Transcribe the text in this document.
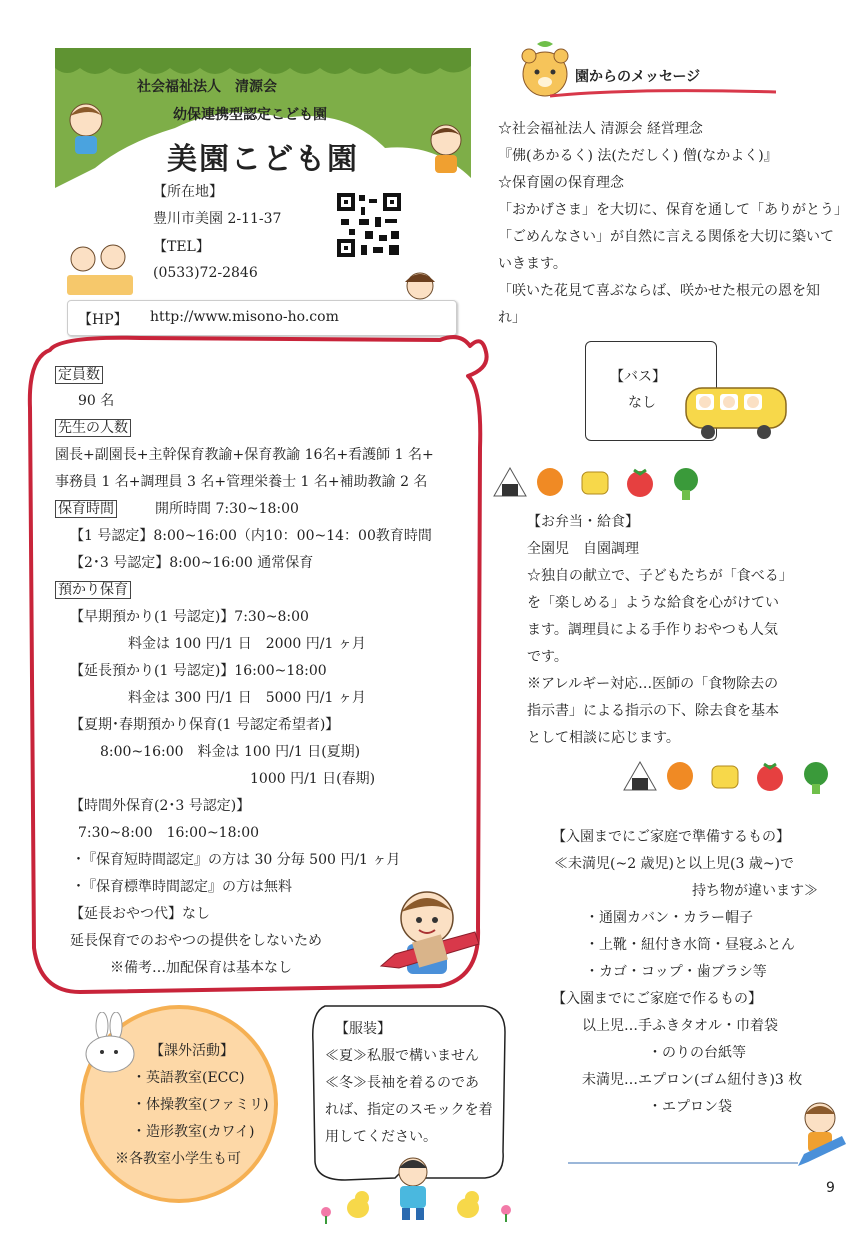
社会福祉法人　清源会
幼保連携型認定こども園
美園こども園
【所在地】
豊川市美園 2-11-37
【TEL】
(0533)72-2846
【HP】 http://www.misono-ho.com
定員数
90 名
先生の人数
園長+副園長+主幹保育教諭+保育教諭 16名+看護師 1 名+
事務員 1 名+調理員 3 名+管理栄養士 1 名+補助教諭 2 名
保育時間	開所時間 7:30~18:00
【1 号認定】8:00~16:00（内10：00~14：00教育時間
【2･3 号認定】8:00~16:00 通常保育
預かり保育
【早期預かり(1 号認定)】7:30~8:00
料金は 100 円/1 日　2000 円/1 ヶ月
【延長預かり(1 号認定)】16:00~18:00
料金は 300 円/1 日　5000 円/1 ヶ月
【夏期･春期預かり保育(1 号認定希望者)】
8:00~16:00　料金は 100 円/1 日(夏期)
1000 円/1 日(春期)
【時間外保育(2･3 号認定)】
7:30~8:00　16:00~18:00
･『保育短時間認定』の方は 30 分毎 500 円/1 ヶ月
･『保育標準時間認定』の方は無料
【延長おやつ代】なし
延長保育でのおやつの提供をしないため
※備考…加配保育は基本なし
園からのメッセージ
☆社会福祉法人 清源会 経営理念
『佛(あかるく) 法(ただしく) 僧(なかよく)』
☆保育園の保育理念
「おかげさま」を大切に、保育を通して「ありがとう」
「ごめんなさい」が自然に言える関係を大切に築いて
いきます。
「咲いた花見て喜ぶならば、咲かせた根元の恩を知
れ」
【バス】
なし
【お弁当・給食】
全園児　自園調理
☆独自の献立で、子どもたちが「食べる」
を「楽しめる」ような給食を心がけてい
ます。調理員による手作りおやつも人気
です。
※アレルギー対応…医師の「食物除去の
指示書」による指示の下、除去食を基本
として相談に応じます。
【入園までにご家庭で準備するもの】
≪未満児(~2 歳児)と以上児(3 歳~)で
持ち物が違います≫
・通園カバン・カラー帽子
・上靴・紐付き水筒・昼寝ふとん
・カゴ・コップ・歯ブラシ等
【入園までにご家庭で作るもの】
以上児…手ふきタオル・巾着袋
・のりの台紙等
未満児…エプロン(ゴム紐付き)3 枚
・エプロン袋
【課外活動】
・英語教室(ECC)
・体操教室(ファミリ)
・造形教室(カワイ)
※各教室小学生も可
【服装】
≪夏≫私服で構いません
≪冬≫長袖を着るのであ
れば、指定のスモックを着
用してください。
9
